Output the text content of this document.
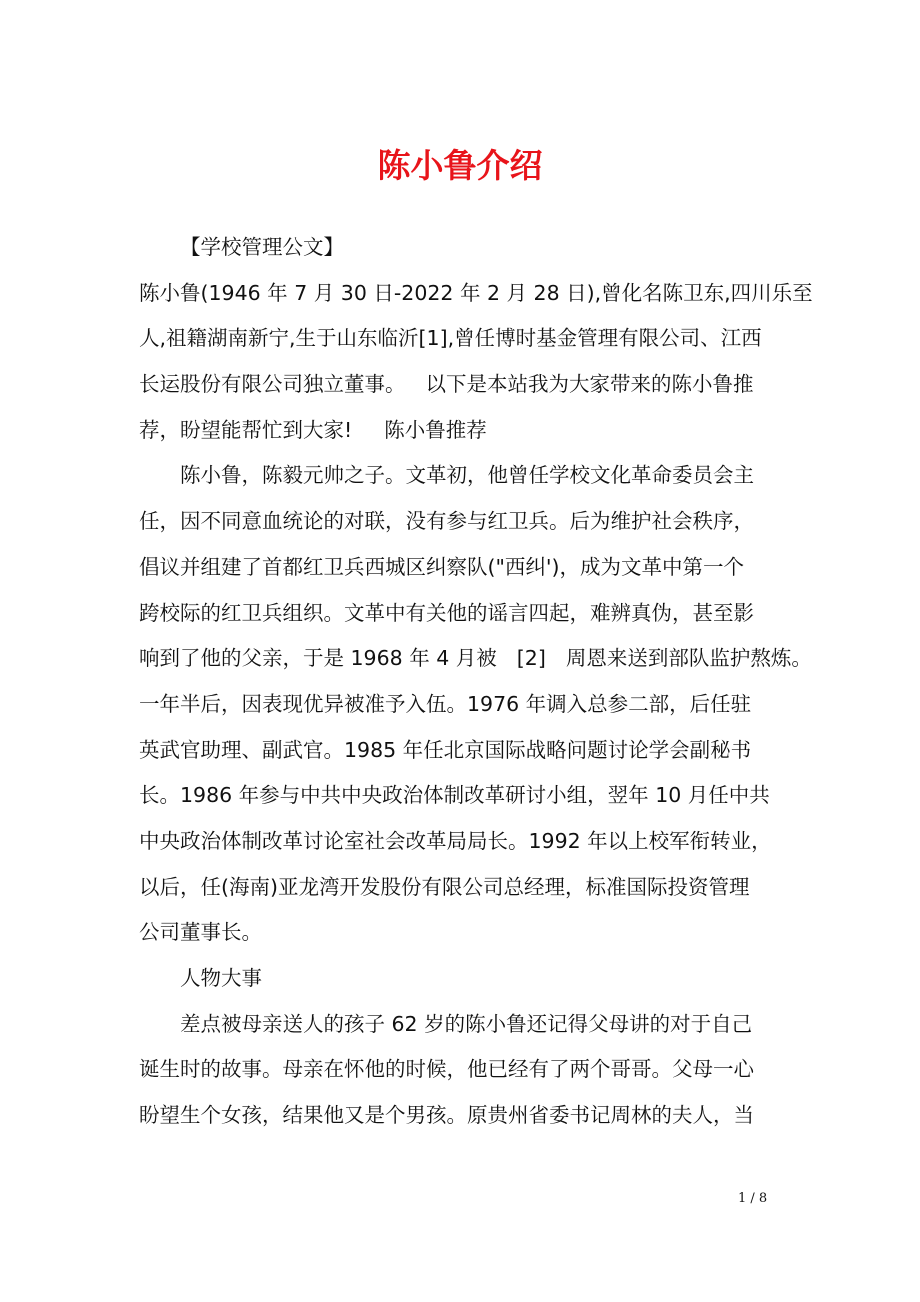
陈小鲁介绍
【学校管理公文】
陈小鲁(1946 年 7 月 30 日-2022 年 2 月 28 日),曾化名陈卫东,四川乐至
人,祖籍湖南新宁,生于山东临沂[1],曾任博时基金管理有限公司、江西
长运股份有限公司独立董事。 以下是本站我为大家带来的陈小鲁推
荐，盼望能帮忙到大家! 陈小鲁推荐
陈小鲁，陈毅元帅之子。文革初，他曾任学校文化革命委员会主
任，因不同意血统论的对联，没有参与红卫兵。后为维护社会秩序，
倡议并组建了首都红卫兵西城区纠察队("西纠')，成为文革中第一个
跨校际的红卫兵组织。文革中有关他的谣言四起，难辨真伪，甚至影
响到了他的父亲，于是 1968 年 4 月被 [2] 周恩来送到部队监护熬炼。
一年半后，因表现优异被准予入伍。1976 年调入总参二部，后任驻
英武官助理、副武官。1985 年任北京国际战略问题讨论学会副秘书
长。1986 年参与中共中央政治体制改革研讨小组，翌年 10 月任中共
中央政治体制改革讨论室社会改革局局长。1992 年以上校军衔转业，
以后，任(海南)亚龙湾开发股份有限公司总经理，标准国际投资管理
公司董事长。
人物大事
差点被母亲送人的孩子 62 岁的陈小鲁还记得父母讲的对于自己
诞生时的故事。母亲在怀他的时候，他已经有了两个哥哥。父母一心
盼望生个女孩，结果他又是个男孩。原贵州省委书记周林的夫人，当
1 / 8
